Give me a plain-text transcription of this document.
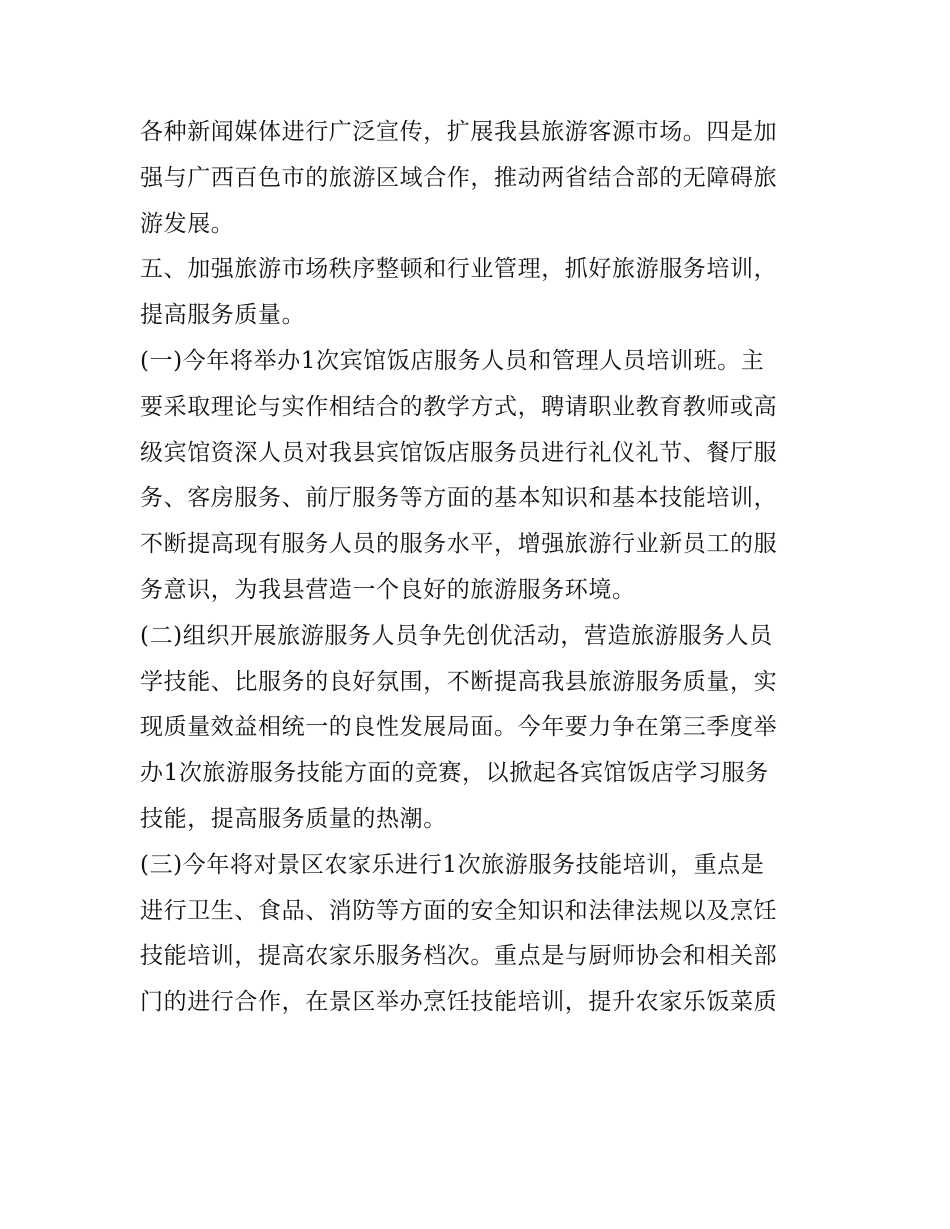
各种新闻媒体进行广泛宣传，扩展我县旅游客源市场。四是加
强与广西百色市的旅游区域合作，推动两省结合部的无障碍旅
游发展。
五、加强旅游市场秩序整顿和行业管理，抓好旅游服务培训，
提高服务质量。
(一)今年将举办1次宾馆饭店服务人员和管理人员培训班。主
要采取理论与实作相结合的教学方式，聘请职业教育教师或高
级宾馆资深人员对我县宾馆饭店服务员进行礼仪礼节、餐厅服
务、客房服务、前厅服务等方面的基本知识和基本技能培训，
不断提高现有服务人员的服务水平，增强旅游行业新员工的服
务意识，为我县营造一个良好的旅游服务环境。
(二)组织开展旅游服务人员争先创优活动，营造旅游服务人员
学技能、比服务的良好氛围，不断提高我县旅游服务质量，实
现质量效益相统一的良性发展局面。今年要力争在第三季度举
办1次旅游服务技能方面的竞赛，以掀起各宾馆饭店学习服务
技能，提高服务质量的热潮。
(三)今年将对景区农家乐进行1次旅游服务技能培训，重点是
进行卫生、食品、消防等方面的安全知识和法律法规以及烹饪
技能培训，提高农家乐服务档次。重点是与厨师协会和相关部
门的进行合作，在景区举办烹饪技能培训，提升农家乐饭菜质
